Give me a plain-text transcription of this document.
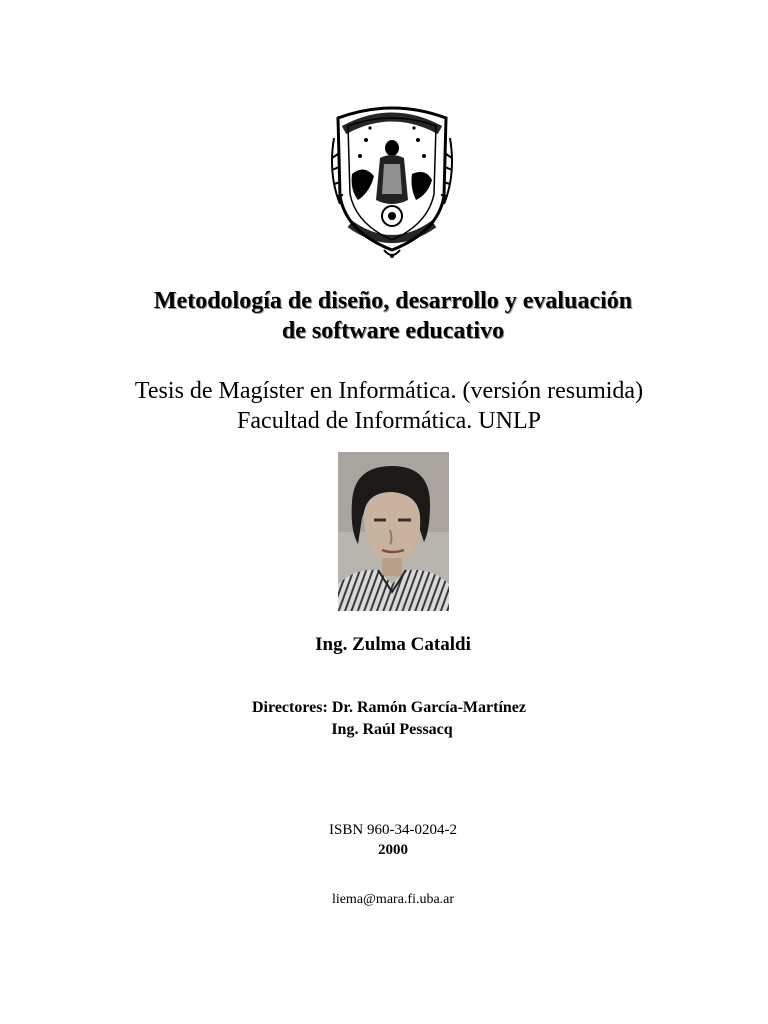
Metodología de diseño, desarrollo y evaluación
de software educativo
Tesis de Magíster en Informática. (versión resumida)
Facultad de Informática. UNLP
Ing. Zulma Cataldi
Directores: Dr. Ramón García-Martínez
Ing. Raúl Pessacq
ISBN 960-34-0204-2
2000
liema@mara.fi.uba.ar
